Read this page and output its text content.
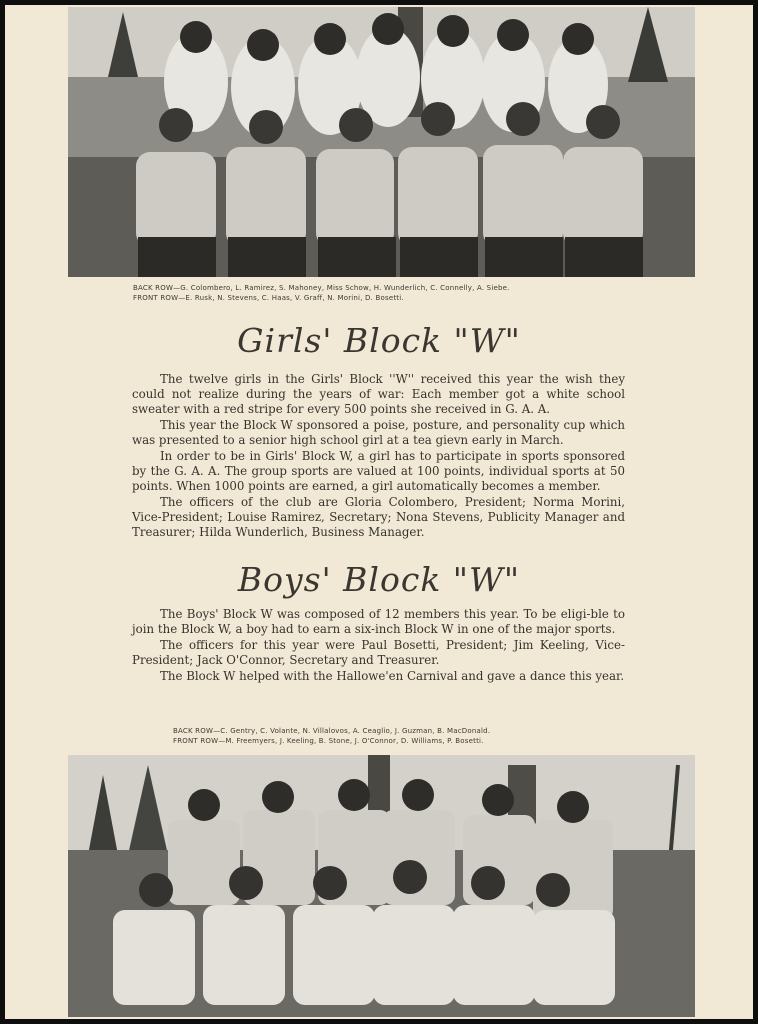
BACK ROW—G. Colombero, L. Ramirez, S. Mahoney, Miss Schow, H. Wunderlich, C. Connelly, A. Siebe.
FRONT ROW—E. Rusk, N. Stevens, C. Haas, V. Graff, N. Morini, D. Bosetti.
Girls' Block "W"

The twelve girls in the Girls' Block ''W'' received this year the wish they could not realize during the years of war: Each member got a white school sweater with a red stripe for every 500 points she received in G. A. A.

This year the Block W sponsored a poise, posture, and personality cup which was presented to a senior high school girl at a tea gievn early in March.

In order to be in Girls' Block W, a girl has to participate in sports sponsored by the G. A. A. The group sports are valued at 100 points, individual sports at 50 points. When 1000 points are earned, a girl automatically becomes a member.

The officers of the club are Gloria Colombero, President; Norma Morini, Vice-President; Louise Ramirez, Secretary; Nona Stevens, Publicity Manager and Treasurer; Hilda Wunderlich, Business Manager.

Boys' Block "W"

The Boys' Block W was composed of 12 members this year. To be eligi-ble to join the Block W, a boy had to earn a six-inch Block W in one of the major sports.

The officers for this year were Paul Bosetti, President; Jim Keeling, Vice-President; Jack O'Connor, Secretary and Treasurer.

The Block W helped with the Hallowe'en Carnival and gave a dance this year.

BACK ROW—C. Gentry, C. Volante, N. Villalovos, A. Ceaglio, J. Guzman, B. MacDonald.
FRONT ROW—M. Freemyers, J. Keeling, B. Stone, J. O'Connor, D. Williams, P. Bosetti.
